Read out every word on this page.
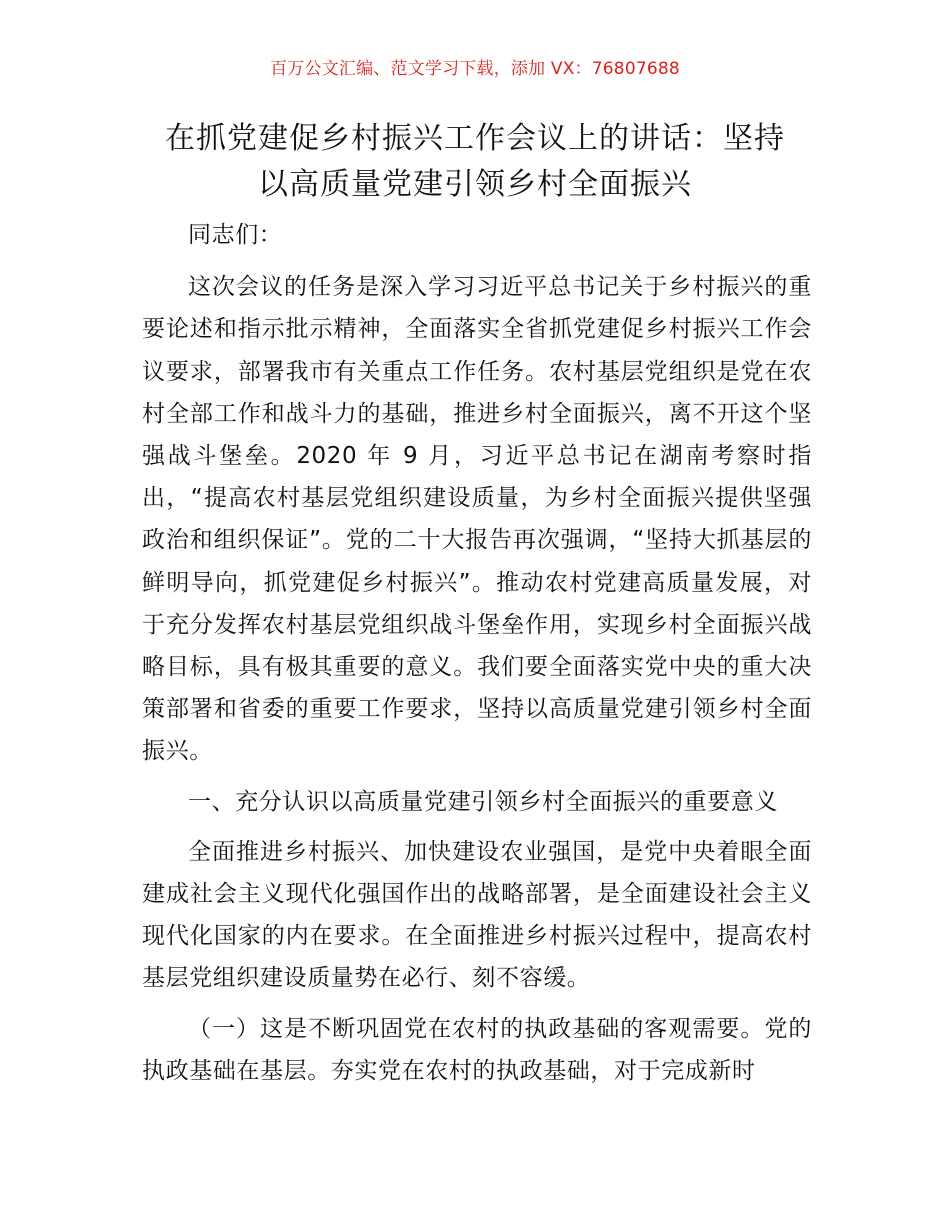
百万公文汇编、范文学习下载，添加 VX：76807688
在抓党建促乡村振兴工作会议上的讲话：坚持
以高质量党建引领乡村全面振兴

同志们：

这次会议的任务是深入学习习近平总书记关于乡村振兴的重要论述和指示批示精神，全面落实全省抓党建促乡村振兴工作会议要求，部署我市有关重点工作任务。农村基层党组织是党在农村全部工作和战斗力的基础，推进乡村全面振兴，离不开这个坚强战斗堡垒。2020 年 9 月，习近平总书记在湖南考察时指出，“提高农村基层党组织建设质量，为乡村全面振兴提供坚强政治和组织保证”。党的二十大报告再次强调，“坚持大抓基层的鲜明导向，抓党建促乡村振兴”。推动农村党建高质量发展，对于充分发挥农村基层党组织战斗堡垒作用，实现乡村全面振兴战略目标，具有极其重要的意义。我们要全面落实党中央的重大决策部署和省委的重要工作要求，坚持以高质量党建引领乡村全面振兴。

一、充分认识以高质量党建引领乡村全面振兴的重要意义

全面推进乡村振兴、加快建设农业强国，是党中央着眼全面建成社会主义现代化强国作出的战略部署，是全面建设社会主义现代化国家的内在要求。在全面推进乡村振兴过程中，提高农村基层党组织建设质量势在必行、刻不容缓。

（一）这是不断巩固党在农村的执政基础的客观需要。党的执政基础在基层。夯实党在农村的执政基础，对于完成新时
